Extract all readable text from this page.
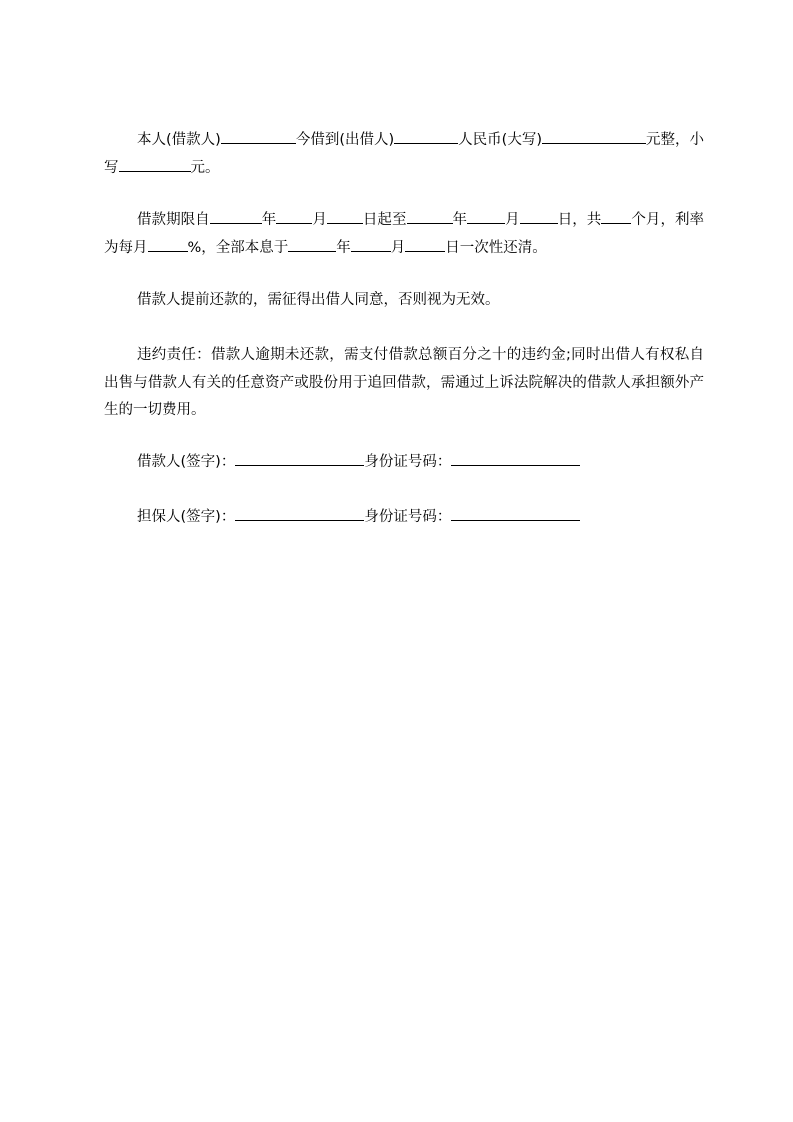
本人(借款人)	今借到(出借人)	人民币(大写)	元整，小写	元。
借款期限自	年 月 日起至	年	月	日，共 个月，利率为每月	%，全部本息于	年	月	日一次性还清。
借款人提前还款的，需征得出借人同意，否则视为无效。
违约责任：借款人逾期未还款，需支付借款总额百分之十的违约金;同时出借人有权私自出售与借款人有关的任意资产或股份用于追回借款，需通过上诉法院解决的借款人承担额外产生的一切费用。
借款人(签字)：	身份证号码：
担保人(签字)：	身份证号码：
